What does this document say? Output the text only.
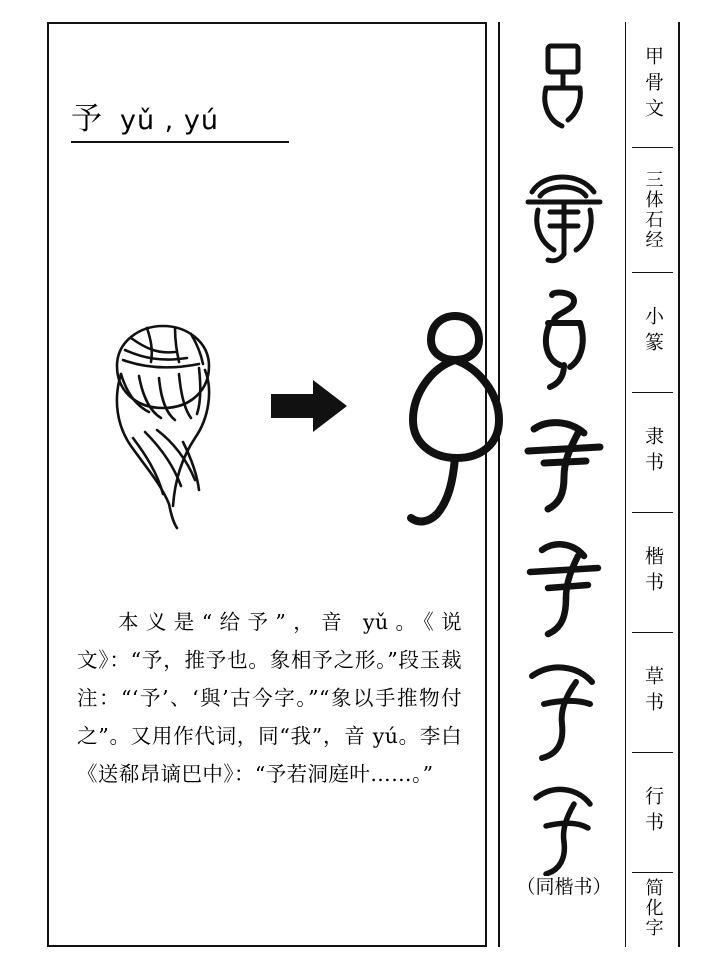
予 yǔ , yú
本义是“给予”，音 yǔ。《说文》：“予，推予也。象相予之形。”段玉裁注：“‘予’、‘與’古今字。”“象以手推物付之”。又用作代词，同“我”，音 yú。李白《送郗昂谪巴中》：“予若洞庭叶……。”
（同楷书）
甲骨文
三体石经
小篆
隶书
楷书
草书
行书
简化字
